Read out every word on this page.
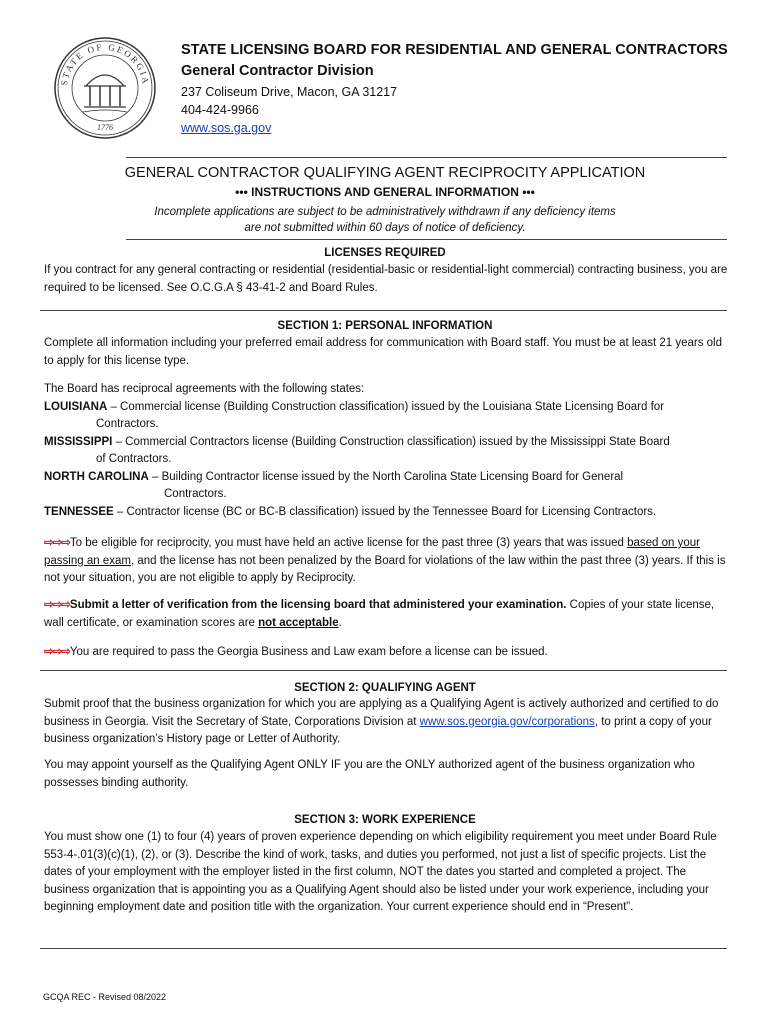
STATE OF GEORGIA
1776
STATE LICENSING BOARD FOR RESIDENTIAL AND GENERAL CONTRACTORS
General Contractor Division
237 Coliseum Drive, Macon, GA 31217
404-424-9966
www.sos.ga.gov
GENERAL CONTRACTOR QUALIFYING AGENT RECIPROCITY APPLICATION
••• INSTRUCTIONS AND GENERAL INFORMATION •••
Incomplete applications are subject to be administratively withdrawn if any deficiency items
are not submitted within 60 days of notice of deficiency.
LICENSES REQUIRED
If you contract for any general contracting or residential (residential-basic or residential-light commercial) contracting business, you are required to be licensed. See O.C.G.A § 43-41-2 and Board Rules.
SECTION 1: PERSONAL INFORMATION
Complete all information including your preferred email address for communication with Board staff. You must be at least 21 years old to apply for this license type.

The Board has reciprocal agreements with the following states:

LOUISIANA – Commercial license (Building Construction classification) issued by the Louisiana State Licensing Board for

Contractors.

MISSISSIPPI – Commercial Contractors license (Building Construction classification) issued by the Mississippi State Board

of Contractors.

NORTH CAROLINA – Building Contractor license issued by the North Carolina State Licensing Board for General

Contractors.

TENNESSEE – Contractor license (BC or BC-B classification) issued by the Tennessee Board for Licensing Contractors.

⇨⇨⇨To be eligible for reciprocity, you must have held an active license for the past three (3) years that was issued based on your passing an exam, and the license has not been penalized by the Board for violations of the law within the past three (3) years. If this is not your situation, you are not eligible to apply by Reciprocity.
⇨⇨⇨Submit a letter of verification from the licensing board that administered your examination. Copies of your state license, wall certificate, or examination scores are not acceptable.
⇨⇨⇨You are required to pass the Georgia Business and Law exam before a license can be issued.
SECTION 2: QUALIFYING AGENT
Submit proof that the business organization for which you are applying as a Qualifying Agent is actively authorized and certified to do business in Georgia. Visit the Secretary of State, Corporations Division at www.sos.georgia.gov/corporations, to print a copy of your business organization’s History page or Letter of Authority.
You may appoint yourself as the Qualifying Agent ONLY IF you are the ONLY authorized agent of the business organization who possesses binding authority.
SECTION 3: WORK EXPERIENCE
You must show one (1) to four (4) years of proven experience depending on which eligibility requirement you meet under Board Rule 553-4-.01(3)(c)(1), (2), or (3). Describe the kind of work, tasks, and duties you performed, not just a list of specific projects. List the dates of your employment with the employer listed in the first column, NOT the dates you started and completed a project. The business organization that is appointing you as a Qualifying Agent should also be listed under your work experience, including your beginning employment date and position title with the organization. Your current experience should end in “Present”.
GCQA REC - Revised 08/2022
